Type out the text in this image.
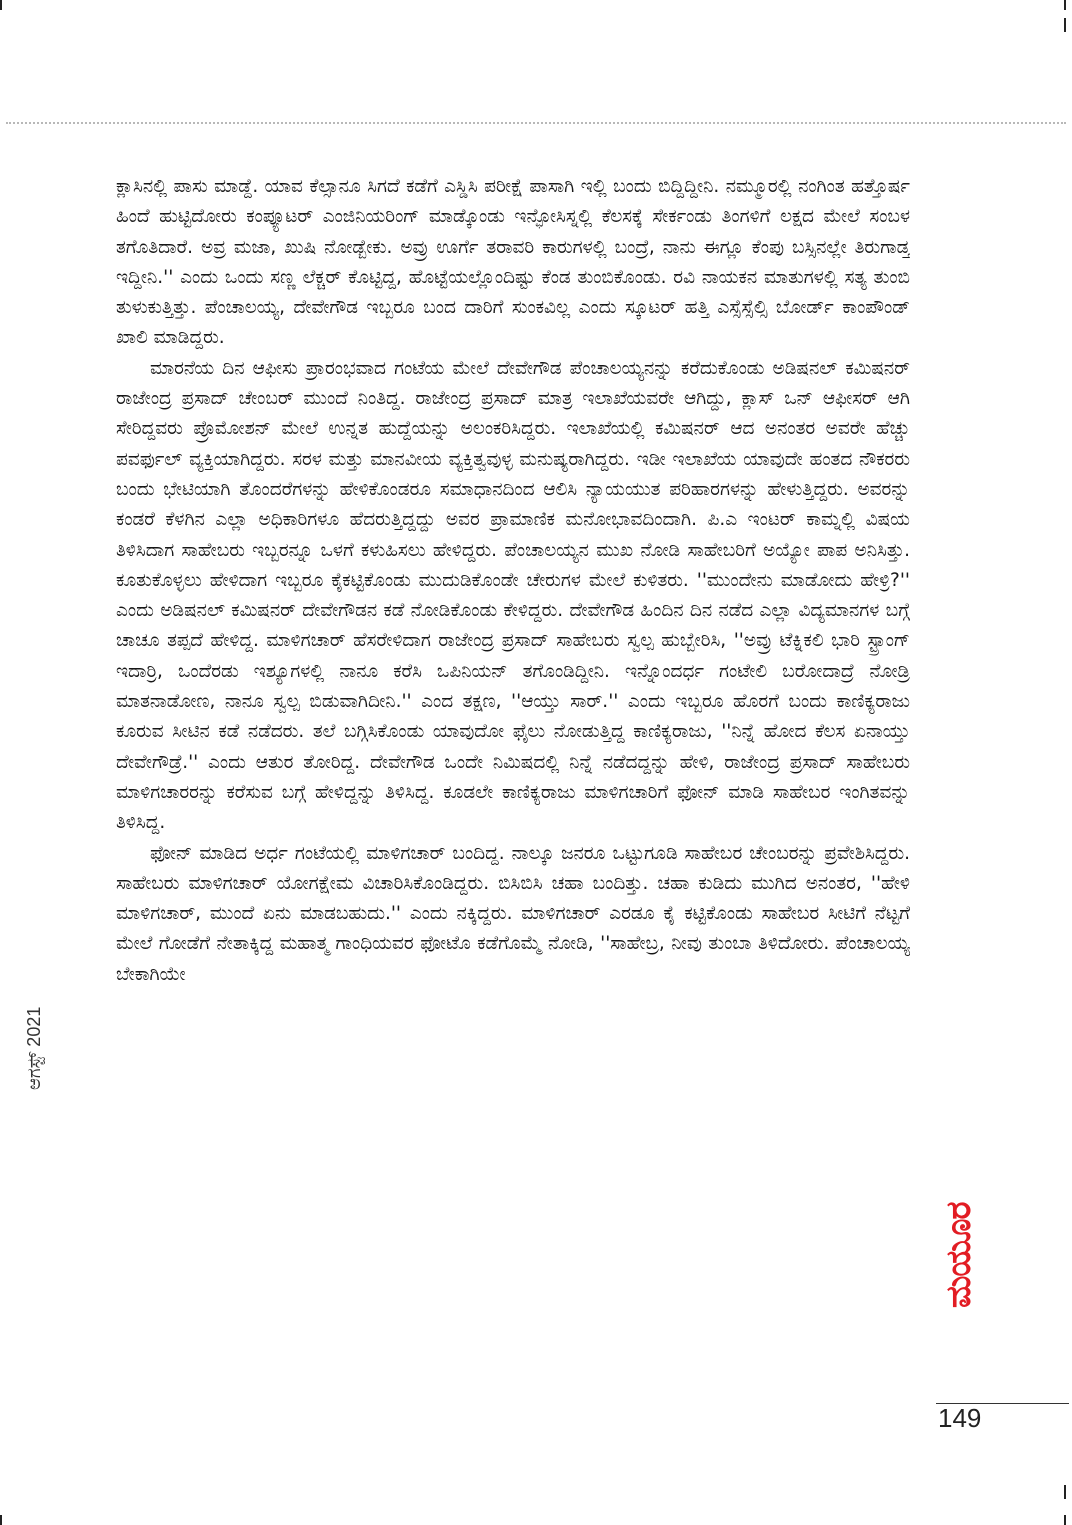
ಕ್ಲಾಸಿನಲ್ಲಿ ಪಾಸು ಮಾಡ್ದೆ. ಯಾವ ಕೆಲ್ಸಾನೂ ಸಿಗದೆ ಕಡೆಗೆ ಎಸ್ಡಿಸಿ ಪರೀಕ್ಷೆ ಪಾಸಾಗಿ ಇಲ್ಲಿ ಬಂದು ಬಿದ್ದಿದ್ದೀನಿ. ನಮ್ಮೂರಲ್ಲಿ ನಂಗಿಂತ ಹತ್ತೊರ್ಷ ಹಿಂದೆ ಹುಟ್ಟಿದೋರು ಕಂಪ್ಯೂಟರ್ ಎಂಜಿನಿಯರಿಂಗ್ ಮಾಡ್ಕೊಂಡು ಇನ್ಫೋಸಿಸ್ನಲ್ಲಿ ಕೆಲಸಕ್ಕೆ ಸೇರ್ಕಂಡು ತಿಂಗಳಿಗೆ ಲಕ್ಷದ ಮೇಲೆ ಸಂಬಳ ತಗೊತಿದಾರೆ. ಅವ್ರ ಮಜಾ, ಖುಷಿ ನೋಡ್ಬೇಕು. ಅವ್ರು ಊರ್ಗೆ ತರಾವರಿ ಕಾರುಗಳಲ್ಲಿ ಬಂದ್ರೆ, ನಾನು ಈಗ್ಲೂ ಕೆಂಪು ಬಸ್ಸಿನಲ್ಲೇ ತಿರುಗಾಡ್ತ ಇದ್ದೀನಿ.'' ಎಂದು ಒಂದು ಸಣ್ಣ ಲೆಕ್ಚರ್ ಕೊಟ್ಟಿದ್ದ, ಹೊಟ್ಟೆಯಲ್ಲೊಂದಿಷ್ಟು ಕೆಂಡ ತುಂಬಿಕೊಂಡು. ರವಿ ನಾಯಕನ ಮಾತುಗಳಲ್ಲಿ ಸತ್ಯ ತುಂಬಿ ತುಳುಕುತ್ತಿತ್ತು. ಪೆಂಚಾಲಯ್ಯ, ದೇವೇಗೌಡ ಇಬ್ಬರೂ ಬಂದ ದಾರಿಗೆ ಸುಂಕವಿಲ್ಲ ಎಂದು ಸ್ಕೂಟರ್ ಹತ್ತಿ ಎಸ್ಸೆಸ್ಸೆಲ್ಸಿ ಬೋರ್ಡ್ ಕಾಂಪೌಂಡ್ ಖಾಲಿ ಮಾಡಿದ್ದರು.

ಮಾರನೆಯ ದಿನ ಆಫೀಸು ಪ್ರಾರಂಭವಾದ ಗಂಟೆಯ ಮೇಲೆ ದೇವೇಗೌಡ ಪೆಂಚಾಲಯ್ಯನನ್ನು ಕರೆದುಕೊಂಡು ಅಡಿಷನಲ್ ಕಮಿಷನರ್ ರಾಜೇಂದ್ರ ಪ್ರಸಾದ್ ಚೇಂಬರ್ ಮುಂದೆ ನಿಂತಿದ್ದ. ರಾಜೇಂದ್ರ ಪ್ರಸಾದ್ ಮಾತ್ರ ಇಲಾಖೆಯವರೇ ಆಗಿದ್ದು, ಕ್ಲಾಸ್ ಒನ್ ಆಫೀಸರ್ ಆಗಿ ಸೇರಿದ್ದವರು ಪ್ರೊಮೋಶನ್ ಮೇಲೆ ಉನ್ನತ ಹುದ್ದೆಯನ್ನು ಅಲಂಕರಿಸಿದ್ದರು. ಇಲಾಖೆಯಲ್ಲಿ ಕಮಿಷನರ್ ಆದ ಅನಂತರ ಅವರೇ ಹೆಚ್ಚು ಪವರ್ಫುಲ್ ವ್ಯಕ್ತಿಯಾಗಿದ್ದರು. ಸರಳ ಮತ್ತು ಮಾನವೀಯ ವ್ಯಕ್ತಿತ್ವವುಳ್ಳ ಮನುಷ್ಯರಾಗಿದ್ದರು. ಇಡೀ ಇಲಾಖೆಯ ಯಾವುದೇ ಹಂತದ ನೌಕರರು ಬಂದು ಭೇಟಿಯಾಗಿ ತೊಂದರೆಗಳನ್ನು ಹೇಳಿಕೊಂಡರೂ ಸಮಾಧಾನದಿಂದ ಆಲಿಸಿ ನ್ಯಾಯಯುತ ಪರಿಹಾರಗಳನ್ನು ಹೇಳುತ್ತಿದ್ದರು. ಅವರನ್ನು ಕಂಡರೆ ಕೆಳಗಿನ ಎಲ್ಲಾ ಅಧಿಕಾರಿಗಳೂ ಹೆದರುತ್ತಿದ್ದದ್ದು ಅವರ ಪ್ರಾಮಾಣಿಕ ಮನೋಭಾವದಿಂದಾಗಿ. ಪಿ.ಎ ಇಂಟರ್ ಕಾಮ್ನಲ್ಲಿ ವಿಷಯ ತಿಳಿಸಿದಾಗ ಸಾಹೇಬರು ಇಬ್ಬರನ್ನೂ ಒಳಗೆ ಕಳುಹಿಸಲು ಹೇಳಿದ್ದರು. ಪೆಂಚಾಲಯ್ಯನ ಮುಖ ನೋಡಿ ಸಾಹೇಬರಿಗೆ ಅಯ್ಯೋ ಪಾಪ ಅನಿಸಿತ್ತು. ಕೂತುಕೊಳ್ಳಲು ಹೇಳಿದಾಗ ಇಬ್ಬರೂ ಕೈಕಟ್ಟಿಕೊಂಡು ಮುದುಡಿಕೊಂಡೇ ಚೇರುಗಳ ಮೇಲೆ ಕುಳಿತರು. ''ಮುಂದೇನು ಮಾಡೋದು ಹೇಳ್ರಿ?'' ಎಂದು ಅಡಿಷನಲ್ ಕಮಿಷನರ್ ದೇವೇಗೌಡನ ಕಡೆ ನೋಡಿಕೊಂಡು ಕೇಳಿದ್ದರು. ದೇವೇಗೌಡ ಹಿಂದಿನ ದಿನ ನಡೆದ ಎಲ್ಲಾ ವಿದ್ಯಮಾನಗಳ ಬಗ್ಗೆ ಚಾಚೂ ತಪ್ಪದೆ ಹೇಳಿದ್ದ. ಮಾಳಿಗಚಾರ್ ಹೆಸರೇಳಿದಾಗ ರಾಜೇಂದ್ರ ಪ್ರಸಾದ್ ಸಾಹೇಬರು ಸ್ವಲ್ಪ ಹುಬ್ಬೇರಿಸಿ, ''ಅವ್ರು ಟೆಕ್ನಿಕಲಿ ಭಾರಿ ಸ್ಟ್ರಾಂಗ್ ಇದಾರ್ರಿ, ಒಂದೆರಡು ಇಶ್ಯೂಗಳಲ್ಲಿ ನಾನೂ ಕರೆಸಿ ಒಪಿನಿಯನ್ ತಗೊಂಡಿದ್ದೀನಿ. ಇನ್ನೊಂದರ್ಧ ಗಂಟೇಲಿ ಬರೋದಾದ್ರೆ ನೋಡ್ರಿ ಮಾತನಾಡೋಣ, ನಾನೂ ಸ್ವಲ್ಪ ಬಿಡುವಾಗಿದೀನಿ.'' ಎಂದ ತಕ್ಷಣ, ''ಆಯ್ತು ಸಾರ್.'' ಎಂದು ಇಬ್ಬರೂ ಹೊರಗೆ ಬಂದು ಕಾಣಿಕ್ಯರಾಜು ಕೂರುವ ಸೀಟಿನ ಕಡೆ ನಡೆದರು. ತಲೆ ಬಗ್ಗಿಸಿಕೊಂಡು ಯಾವುದೋ ಫೈಲು ನೋಡುತ್ತಿದ್ದ ಕಾಣಿಕ್ಯರಾಜು, ''ನಿನ್ನೆ ಹೋದ ಕೆಲಸ ಏನಾಯ್ತು ದೇವೇಗೌಡ್ರೆ.'' ಎಂದು ಆತುರ ತೋರಿದ್ದ. ದೇವೇಗೌಡ ಒಂದೇ ನಿಮಿಷದಲ್ಲಿ ನಿನ್ನೆ ನಡೆದದ್ದನ್ನು ಹೇಳಿ, ರಾಜೇಂದ್ರ ಪ್ರಸಾದ್ ಸಾಹೇಬರು ಮಾಳಿಗಚಾರರನ್ನು ಕರೆಸುವ ಬಗ್ಗೆ ಹೇಳಿದ್ದನ್ನು ತಿಳಿಸಿದ್ದ. ಕೂಡಲೇ ಕಾಣಿಕ್ಯರಾಜು ಮಾಳಿಗಚಾರಿಗೆ ಫೋನ್ ಮಾಡಿ ಸಾಹೇಬರ ಇಂಗಿತವನ್ನು ತಿಳಿಸಿದ್ದ.

ಫೋನ್ ಮಾಡಿದ ಅರ್ಧ ಗಂಟೆಯಲ್ಲಿ ಮಾಳಿಗಚಾರ್ ಬಂದಿದ್ದ. ನಾಲ್ಕೂ ಜನರೂ ಒಟ್ಟುಗೂಡಿ ಸಾಹೇಬರ ಚೇಂಬರನ್ನು ಪ್ರವೇಶಿಸಿದ್ದರು. ಸಾಹೇಬರು ಮಾಳಿಗಚಾರ್ ಯೋಗಕ್ಷೇಮ ವಿಚಾರಿಸಿಕೊಂಡಿದ್ದರು. ಬಿಸಿಬಿಸಿ ಚಹಾ ಬಂದಿತ್ತು. ಚಹಾ ಕುಡಿದು ಮುಗಿದ ಅನಂತರ, ''ಹೇಳಿ ಮಾಳಿಗಚಾರ್, ಮುಂದೆ ಏನು ಮಾಡಬಹುದು.'' ಎಂದು ನಕ್ಕಿದ್ದರು. ಮಾಳಿಗಚಾರ್ ಎರಡೂ ಕೈ ಕಟ್ಟಿಕೊಂಡು ಸಾಹೇಬರ ಸೀಟಿಗೆ ನೆಟ್ಟಗೆ ಮೇಲೆ ಗೋಡೆಗೆ ನೇತಾಕ್ಕಿದ್ದ ಮಹಾತ್ಮ ಗಾಂಧಿಯವರ ಫೋಟೊ ಕಡೆಗೊಮ್ಮೆ ನೋಡಿ, ''ಸಾಹೇಬ್ರ, ನೀವು ತುಂಬಾ ತಿಳಿದೋರು. ಪೆಂಚಾಲಯ್ಯ ಬೇಕಾಗಿಯೇ

ಆಗಸ್ಟ್ 2021
ಮಯೂರ
149
